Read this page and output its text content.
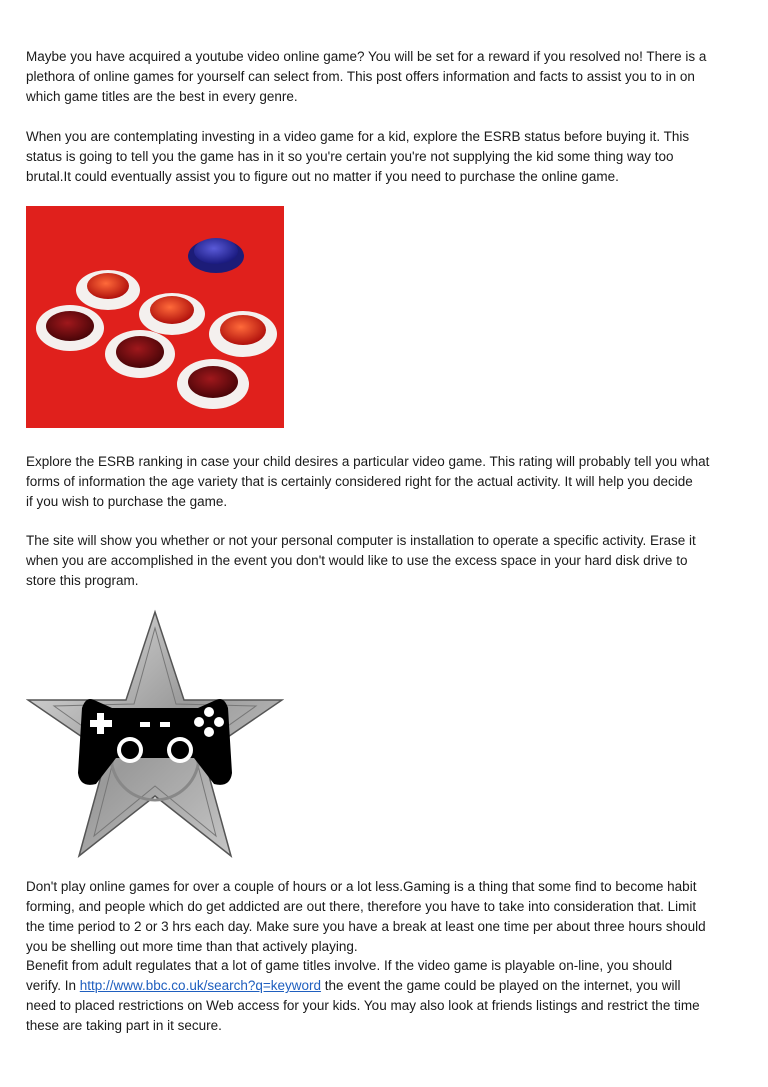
Maybe you have acquired a youtube video online game? You will be set for a reward if you resolved no! There is a
plethora of online games for yourself can select from. This post offers information and facts to assist you to in on
which game titles are the best in every genre.
When you are contemplating investing in a video game for a kid, explore the ESRB status before buying it. This
status is going to tell you the game has in it so you're certain you're not supplying the kid some thing way too
brutal.It could eventually assist you to figure out no matter if you need to purchase the online game.
Explore the ESRB ranking in case your child desires a particular video game. This rating will probably tell you what
forms of information the age variety that is certainly considered right for the actual activity. It will help you decide
if you wish to purchase the game.
The site will show you whether or not your personal computer is installation to operate a specific activity. Erase it
when you are accomplished in the event you don't would like to use the excess space in your hard disk drive to
store this program.
Don't play online games for over a couple of hours or a lot less.Gaming is a thing that some find to become habit
forming, and people which do get addicted are out there, therefore you have to take into consideration that. Limit
the time period to 2 or 3 hrs each day. Make sure you have a break at least one time per about three hours should
you be shelling out more time than that actively playing.
Benefit from adult regulates that a lot of game titles involve. If the video game is playable on-line, you should
verify. In http://www.bbc.co.uk/search?q=keyword the event the game could be played on the internet, you will
need to placed restrictions on Web access for your kids. You may also look at friends listings and restrict the time
these are taking part in it secure.
